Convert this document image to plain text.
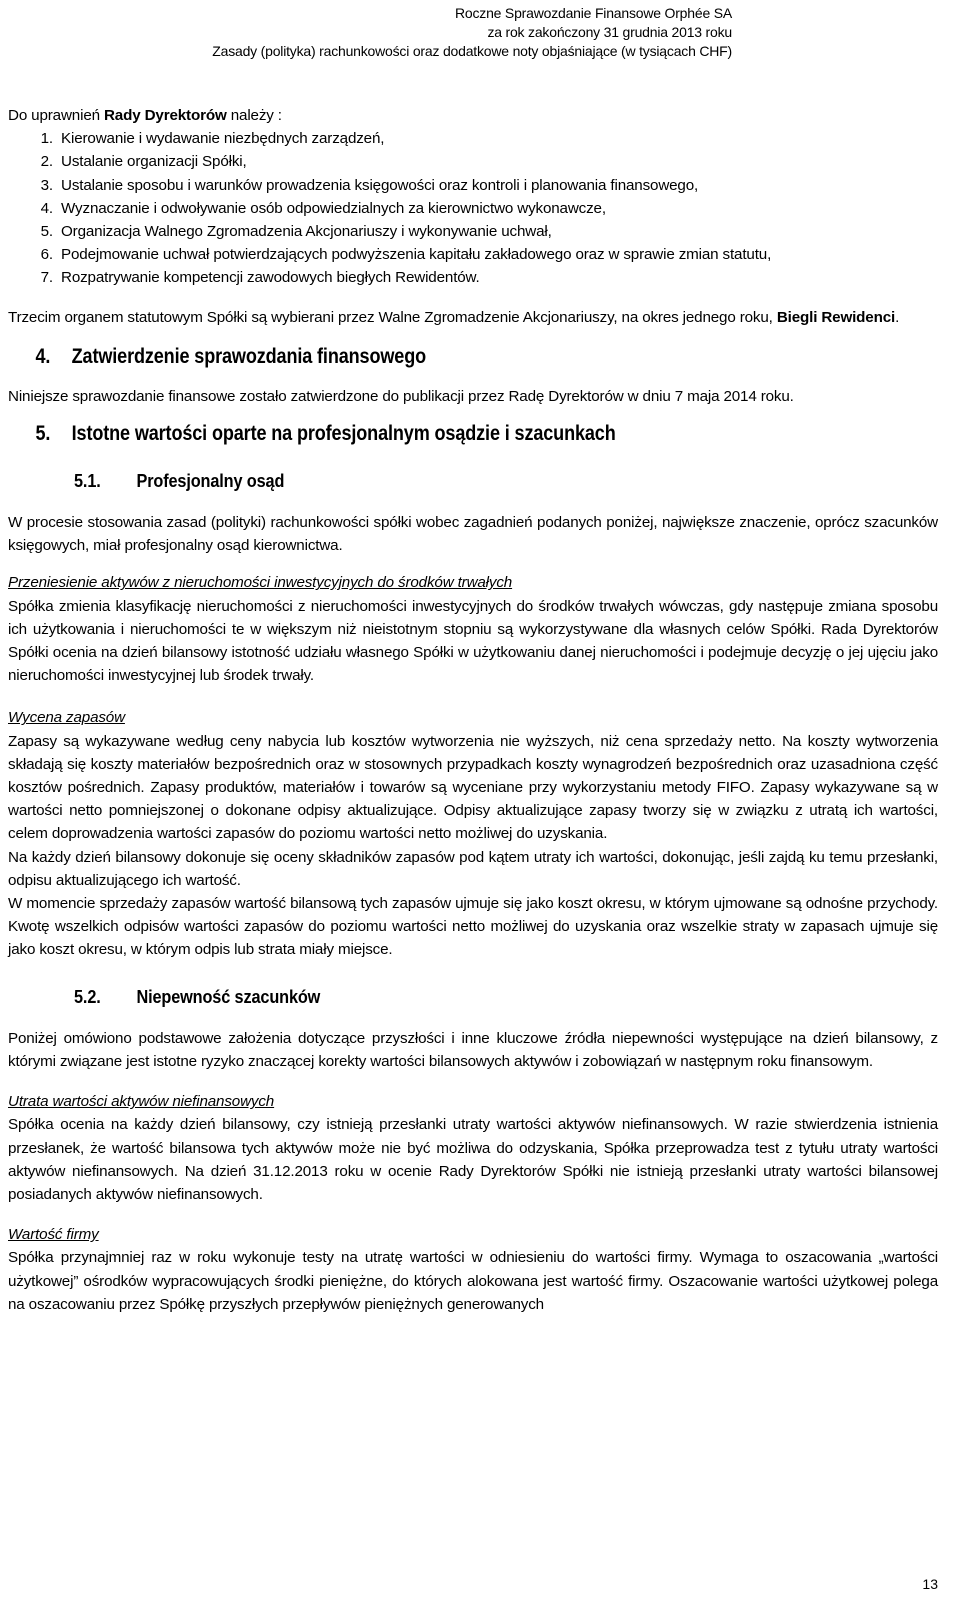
Roczne Sprawozdanie Finansowe Orphée SA
za rok zakończony 31 grudnia 2013 roku
Zasady (polityka) rachunkowości oraz dodatkowe noty objaśniające (w tysiącach CHF)

Do uprawnień Rady Dyrektorów należy :

1. Kierowanie i wydawanie niezbędnych zarządzeń,
2. Ustalanie organizacji Spółki,
3. Ustalanie sposobu i warunków prowadzenia księgowości oraz kontroli i planowania finansowego,
4. Wyznaczanie i odwoływanie osób odpowiedzialnych za kierownictwo wykonawcze,
5. Organizacja Walnego Zgromadzenia Akcjonariuszy i wykonywanie uchwał,
6. Podejmowanie uchwał potwierdzających podwyższenia kapitału zakładowego oraz w sprawie zmian statutu,
7. Rozpatrywanie kompetencji zawodowych biegłych Rewidentów.

Trzecim organem statutowym Spółki są wybierani przez Walne Zgromadzenie Akcjonariuszy, na okres jednego roku, Biegli Rewidenci.

4. Zatwierdzenie sprawozdania finansowego

Niniejsze sprawozdanie finansowe zostało zatwierdzone do publikacji przez Radę Dyrektorów w dniu 7 maja 2014 roku.

5. Istotne wartości oparte na profesjonalnym osądzie i szacunkach
5.1. Profesjonalny osąd

W procesie stosowania zasad (polityki) rachunkowości spółki wobec zagadnień podanych poniżej, największe znaczenie, oprócz szacunków księgowych, miał profesjonalny osąd kierownictwa.

Przeniesienie aktywów z nieruchomości inwestycyjnych do środków trwałych

Spółka zmienia klasyfikację nieruchomości z nieruchomości inwestycyjnych do środków trwałych wówczas, gdy następuje zmiana sposobu ich użytkowania i nieruchomości te w większym niż nieistotnym stopniu są wykorzystywane dla własnych celów Spółki. Rada Dyrektorów Spółki ocenia na dzień bilansowy istotność udziału własnego Spółki w użytkowaniu danej nieruchomości i podejmuje decyzję o jej ujęciu jako nieruchomości inwestycyjnej lub środek trwały.

Wycena zapasów

Zapasy są wykazywane według ceny nabycia lub kosztów wytworzenia nie wyższych, niż cena sprzedaży netto. Na koszty wytworzenia składają się koszty materiałów bezpośrednich oraz w stosownych przypadkach koszty wynagrodzeń bezpośrednich oraz uzasadniona część kosztów pośrednich. Zapasy produktów, materiałów i towarów są wyceniane przy wykorzystaniu metody FIFO. Zapasy wykazywane są w wartości netto pomniejszonej o dokonane odpisy aktualizujące. Odpisy aktualizujące zapasy tworzy się w związku z utratą ich wartości, celem doprowadzenia wartości zapasów do poziomu wartości netto możliwej do uzyskania.

Na każdy dzień bilansowy dokonuje się oceny składników zapasów pod kątem utraty ich wartości, dokonując, jeśli zajdą ku temu przesłanki, odpisu aktualizującego ich wartość.

W momencie sprzedaży zapasów wartość bilansową tych zapasów ujmuje się jako koszt okresu, w którym ujmowane są odnośne przychody. Kwotę wszelkich odpisów wartości zapasów do poziomu wartości netto możliwej do uzyskania oraz wszelkie straty w zapasach ujmuje się jako koszt okresu, w którym odpis lub strata miały miejsce.

5.2. Niepewność szacunków

Poniżej omówiono podstawowe założenia dotyczące przyszłości i inne kluczowe źródła niepewności występujące na dzień bilansowy, z którymi związane jest istotne ryzyko znaczącej korekty wartości bilansowych aktywów i zobowiązań w następnym roku finansowym.

Utrata wartości aktywów niefinansowych

Spółka ocenia na każdy dzień bilansowy, czy istnieją przesłanki utraty wartości aktywów niefinansowych. W razie stwierdzenia istnienia przesłanek, że wartość bilansowa tych aktywów może nie być możliwa do odzyskania, Spółka przeprowadza test z tytułu utraty wartości aktywów niefinansowych. Na dzień 31.12.2013 roku w ocenie Rady Dyrektorów Spółki nie istnieją przesłanki utraty wartości bilansowej posiadanych aktywów niefinansowych.

Wartość firmy

Spółka przynajmniej raz w roku wykonuje testy na utratę wartości w odniesieniu do wartości firmy. Wymaga to oszacowania „wartości użytkowej” ośrodków wypracowujących środki pieniężne, do których alokowana jest wartość firmy. Oszacowanie wartości użytkowej polega na oszacowaniu przez Spółkę przyszłych przepływów pieniężnych generowanych

13
